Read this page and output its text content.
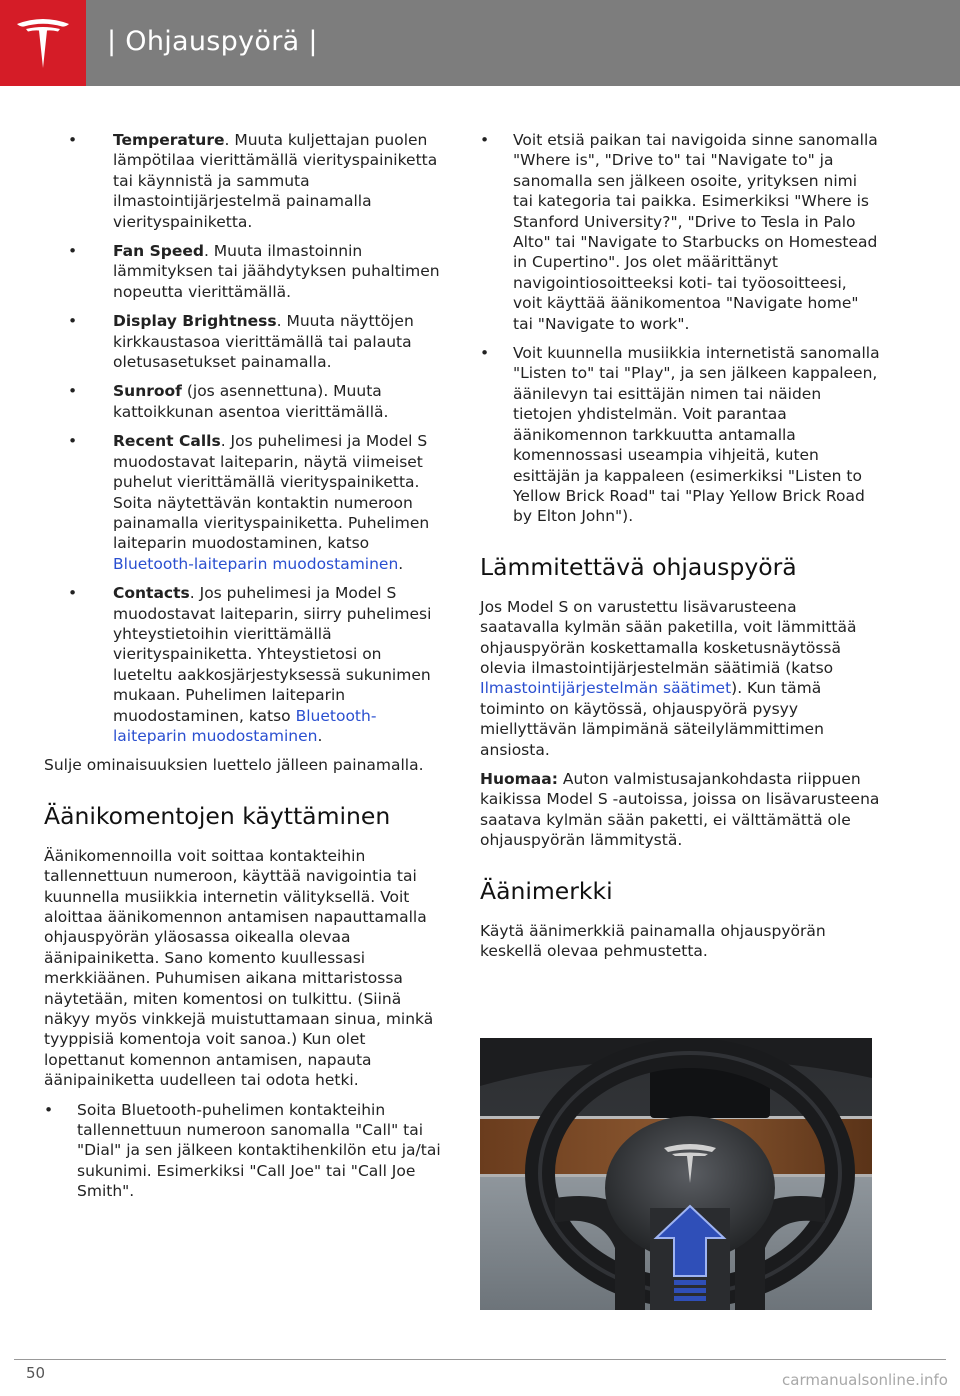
| Ohjauspyörä |
• Temperature. Muuta kuljettajan puolen lämpötilaa vierittämällä vierityspainiketta tai käynnistä ja sammuta ilmastointijärjestelmä painamalla vierityspainiketta.
• Fan Speed. Muuta ilmastoinnin lämmityksen tai jäähdytyksen puhaltimen nopeutta vierittämällä.
• Display Brightness. Muuta näyttöjen kirkkaustasoa vierittämällä tai palauta oletusasetukset painamalla.
• Sunroof (jos asennettuna). Muuta kattoikkunan asentoa vierittämällä.
• Recent Calls. Jos puhelimesi ja Model S muodostavat laiteparin, näytä viimeiset puhelut vierittämällä vierityspainiketta. Soita näytettävän kontaktin numeroon painamalla vierityspainiketta. Puhelimen laiteparin muodostaminen, katso Bluetooth-laiteparin muodostaminen.
• Contacts. Jos puhelimesi ja Model S muodostavat laiteparin, siirry puhelimesi yhteystietoihin vierittämällä vierityspainiketta. Yhteystietosi on lueteltu aakkosjärjestyksessä sukunimen mukaan. Puhelimen laiteparin muodostaminen, katso Bluetooth-laiteparin muodostaminen.

Sulje ominaisuuksien luettelo jälleen painamalla.

Äänikomentojen käyttäminen

Äänikomennoilla voit soittaa kontakteihin tallennettuun numeroon, käyttää navigointia tai kuunnella musiikkia internetin välityksellä. Voit aloittaa äänikomennon antamisen napauttamalla ohjauspyörän yläosassa oikealla olevaa äänipainiketta. Sano komento kuullessasi merkkiäänen. Puhumisen aikana mittaristossa näytetään, miten komentosi on tulkittu. (Siinä näkyy myös vinkkejä muistuttamaan sinua, minkä tyyppisiä komentoja voit sanoa.) Kun olet lopettanut komennon antamisen, napauta äänipainiketta uudelleen tai odota hetki.

• Soita Bluetooth-puhelimen kontakteihin tallennettuun numeroon sanomalla "Call" tai "Dial" ja sen jälkeen kontaktihenkilön etu ja/tai sukunimi. Esimerkiksi "Call Joe" tai "Call Joe Smith".
• Voit etsiä paikan tai navigoida sinne sanomalla "Where is", "Drive to" tai "Navigate to" ja sanomalla sen jälkeen osoite, yrityksen nimi tai kategoria tai paikka. Esimerkiksi "Where is Stanford University?", "Drive to Tesla in Palo Alto" tai "Navigate to Starbucks on Homestead in Cupertino". Jos olet määrittänyt navigointiosoitteeksi koti- tai työosoitteesi, voit käyttää äänikomentoa "Navigate home" tai "Navigate to work".
• Voit kuunnella musiikkia internetistä sanomalla "Listen to" tai "Play", ja sen jälkeen kappaleen, äänilevyn tai esittäjän nimen tai näiden tietojen yhdistelmän. Voit parantaa äänikomennon tarkkuutta antamalla komennossasi useampia vihjeitä, kuten esittäjän ja kappaleen (esimerkiksi "Listen to Yellow Brick Road" tai "Play Yellow Brick Road by Elton John").
Lämmitettävä ohjauspyörä

Jos Model S on varustettu lisävarusteena saatavalla kylmän sään paketilla, voit lämmittää ohjauspyörän koskettamalla kosketusnäytössä olevia ilmastointijärjestelmän säätimiä (katso Ilmastointijärjestelmän säätimet). Kun tämä toiminto on käytössä, ohjauspyörä pysyy miellyttävän lämpimänä säteilylämmittimen ansiosta.

Huomaa: Auton valmistusajankohdasta riippuen kaikissa Model S -autoissa, joissa on lisävarusteena saatava kylmän sään paketti, ei välttämättä ole ohjauspyörän lämmitystä.

Äänimerkki

Käytä äänimerkkiä painamalla ohjauspyörän keskellä olevaa pehmustetta.

50	carmanualsonline.info
